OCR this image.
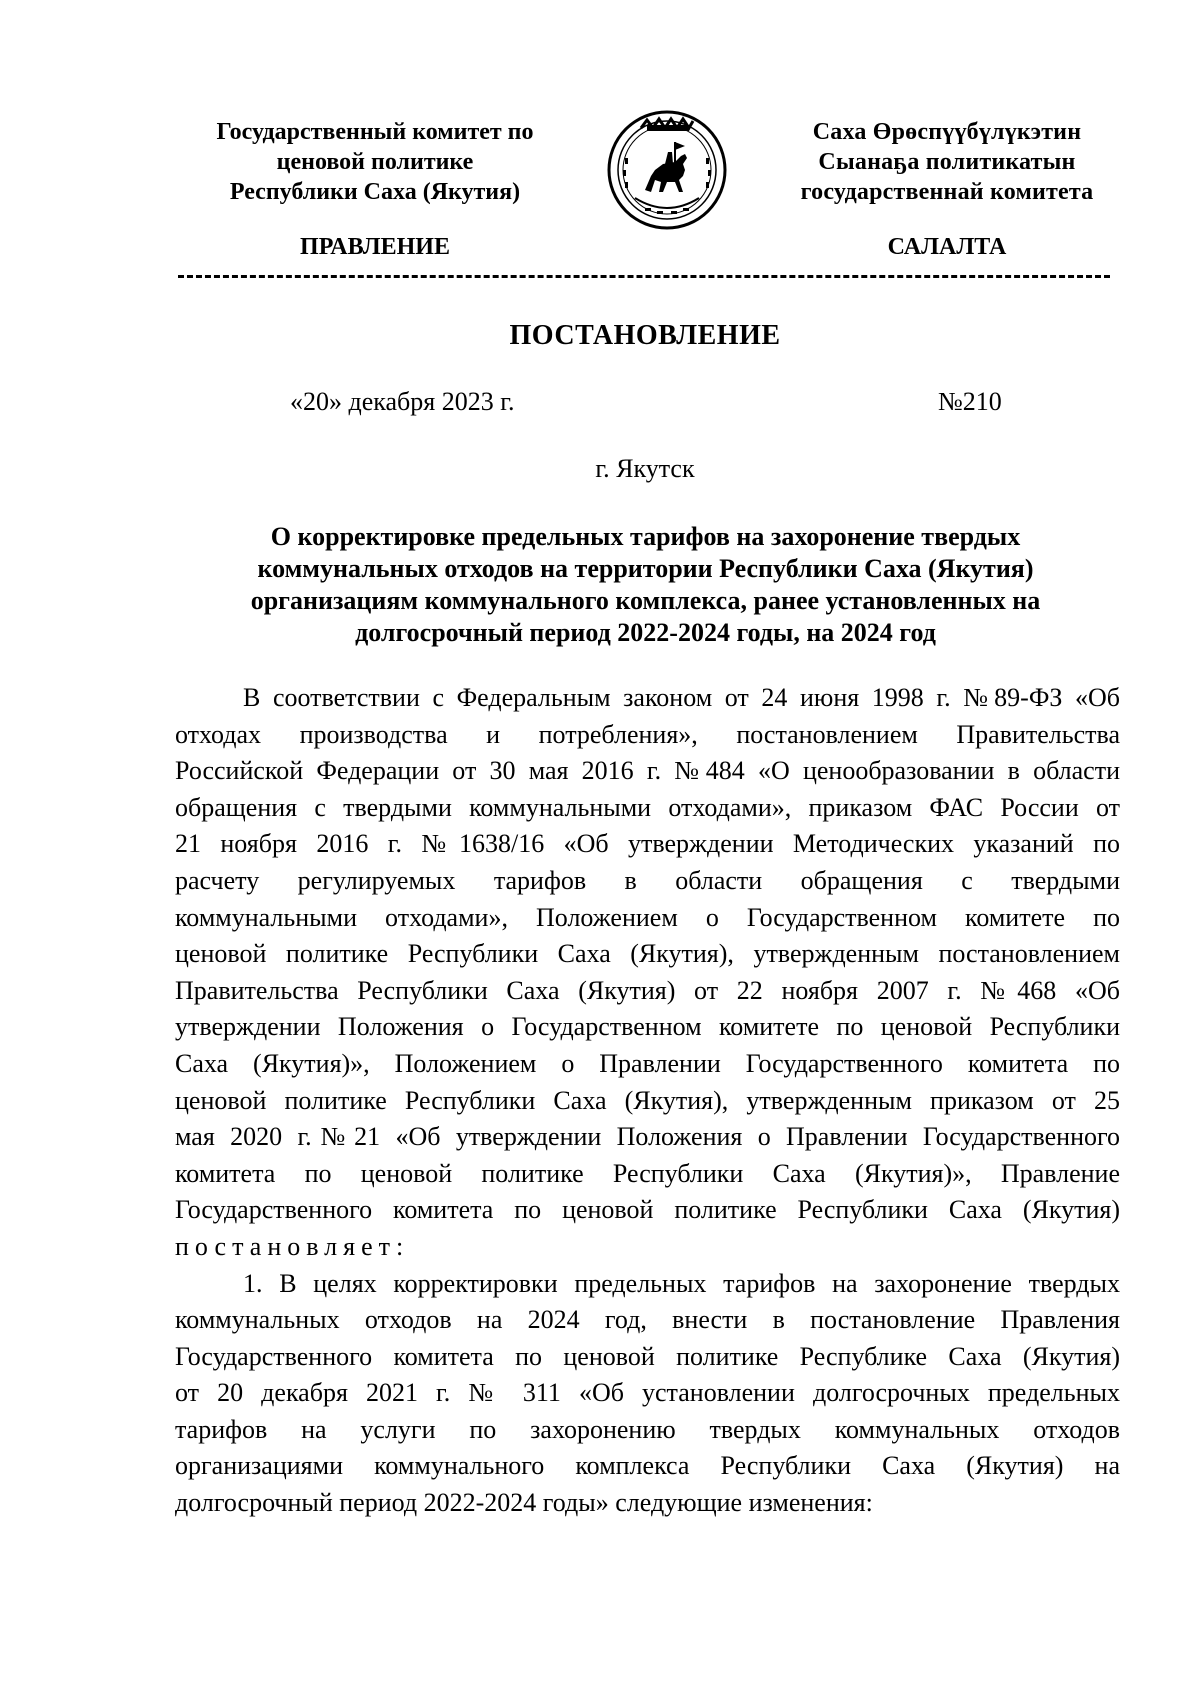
Государственный комитет по
ценовой политике
Республики Саха (Якутия)
Саха Өрөспүүбүлүкэтин
Сыанаҕа политикатын
государственнай комитета
ПРАВЛЕНИЕ	САЛАЛТА
ПОСТАНОВЛЕНИЕ
«20» декабря 2023 г.	№210
г. Якутск
О корректировке предельных тарифов на захоронение твердых
коммунальных отходов на территории Республики Саха (Якутия)
организациям коммунального комплекса, ранее установленных на
долгосрочный период 2022-2024 годы, на 2024 год
В соответствии с Федеральным законом от 24 июня 1998 г. №89-ФЗ «Об
отходах производства и потребления», постановлением Правительства
Российской Федерации от 30 мая 2016 г. №484 «О ценообразовании в области
обращения с твердыми коммунальными отходами», приказом ФАС России от
21 ноября 2016 г. №1638/16 «Об утверждении Методических указаний по
расчету регулируемых тарифов в области обращения с твердыми
коммунальными отходами», Положением о Государственном комитете по
ценовой политике Республики Саха (Якутия), утвержденным постановлением
Правительства Республики Саха (Якутия) от 22 ноября 2007 г. №468 «Об
утверждении Положения о Государственном комитете по ценовой Республики
Саха (Якутия)», Положением о Правлении Государственного комитета по
ценовой политике Республики Саха (Якутия), утвержденным приказом от 25
мая 2020 г.№21 «Об утверждении Положения о Правлении Государственного
комитета по ценовой политике Республики Саха (Якутия)», Правление
Государственного комитета по ценовой политике Республики Саха (Якутия)
постановляет:
1. В целях корректировки предельных тарифов на захоронение твердых
коммунальных отходов на 2024 год, внести в постановление Правления
Государственного комитета по ценовой политике Республике Саха (Якутия)
от 20 декабря 2021 г. № 311 «Об установлении долгосрочных предельных
тарифов на услуги по захоронению твердых коммунальных отходов
организациями коммунального комплекса Республики Саха (Якутия) на
долгосрочный период 2022-2024 годы» следующие изменения:
